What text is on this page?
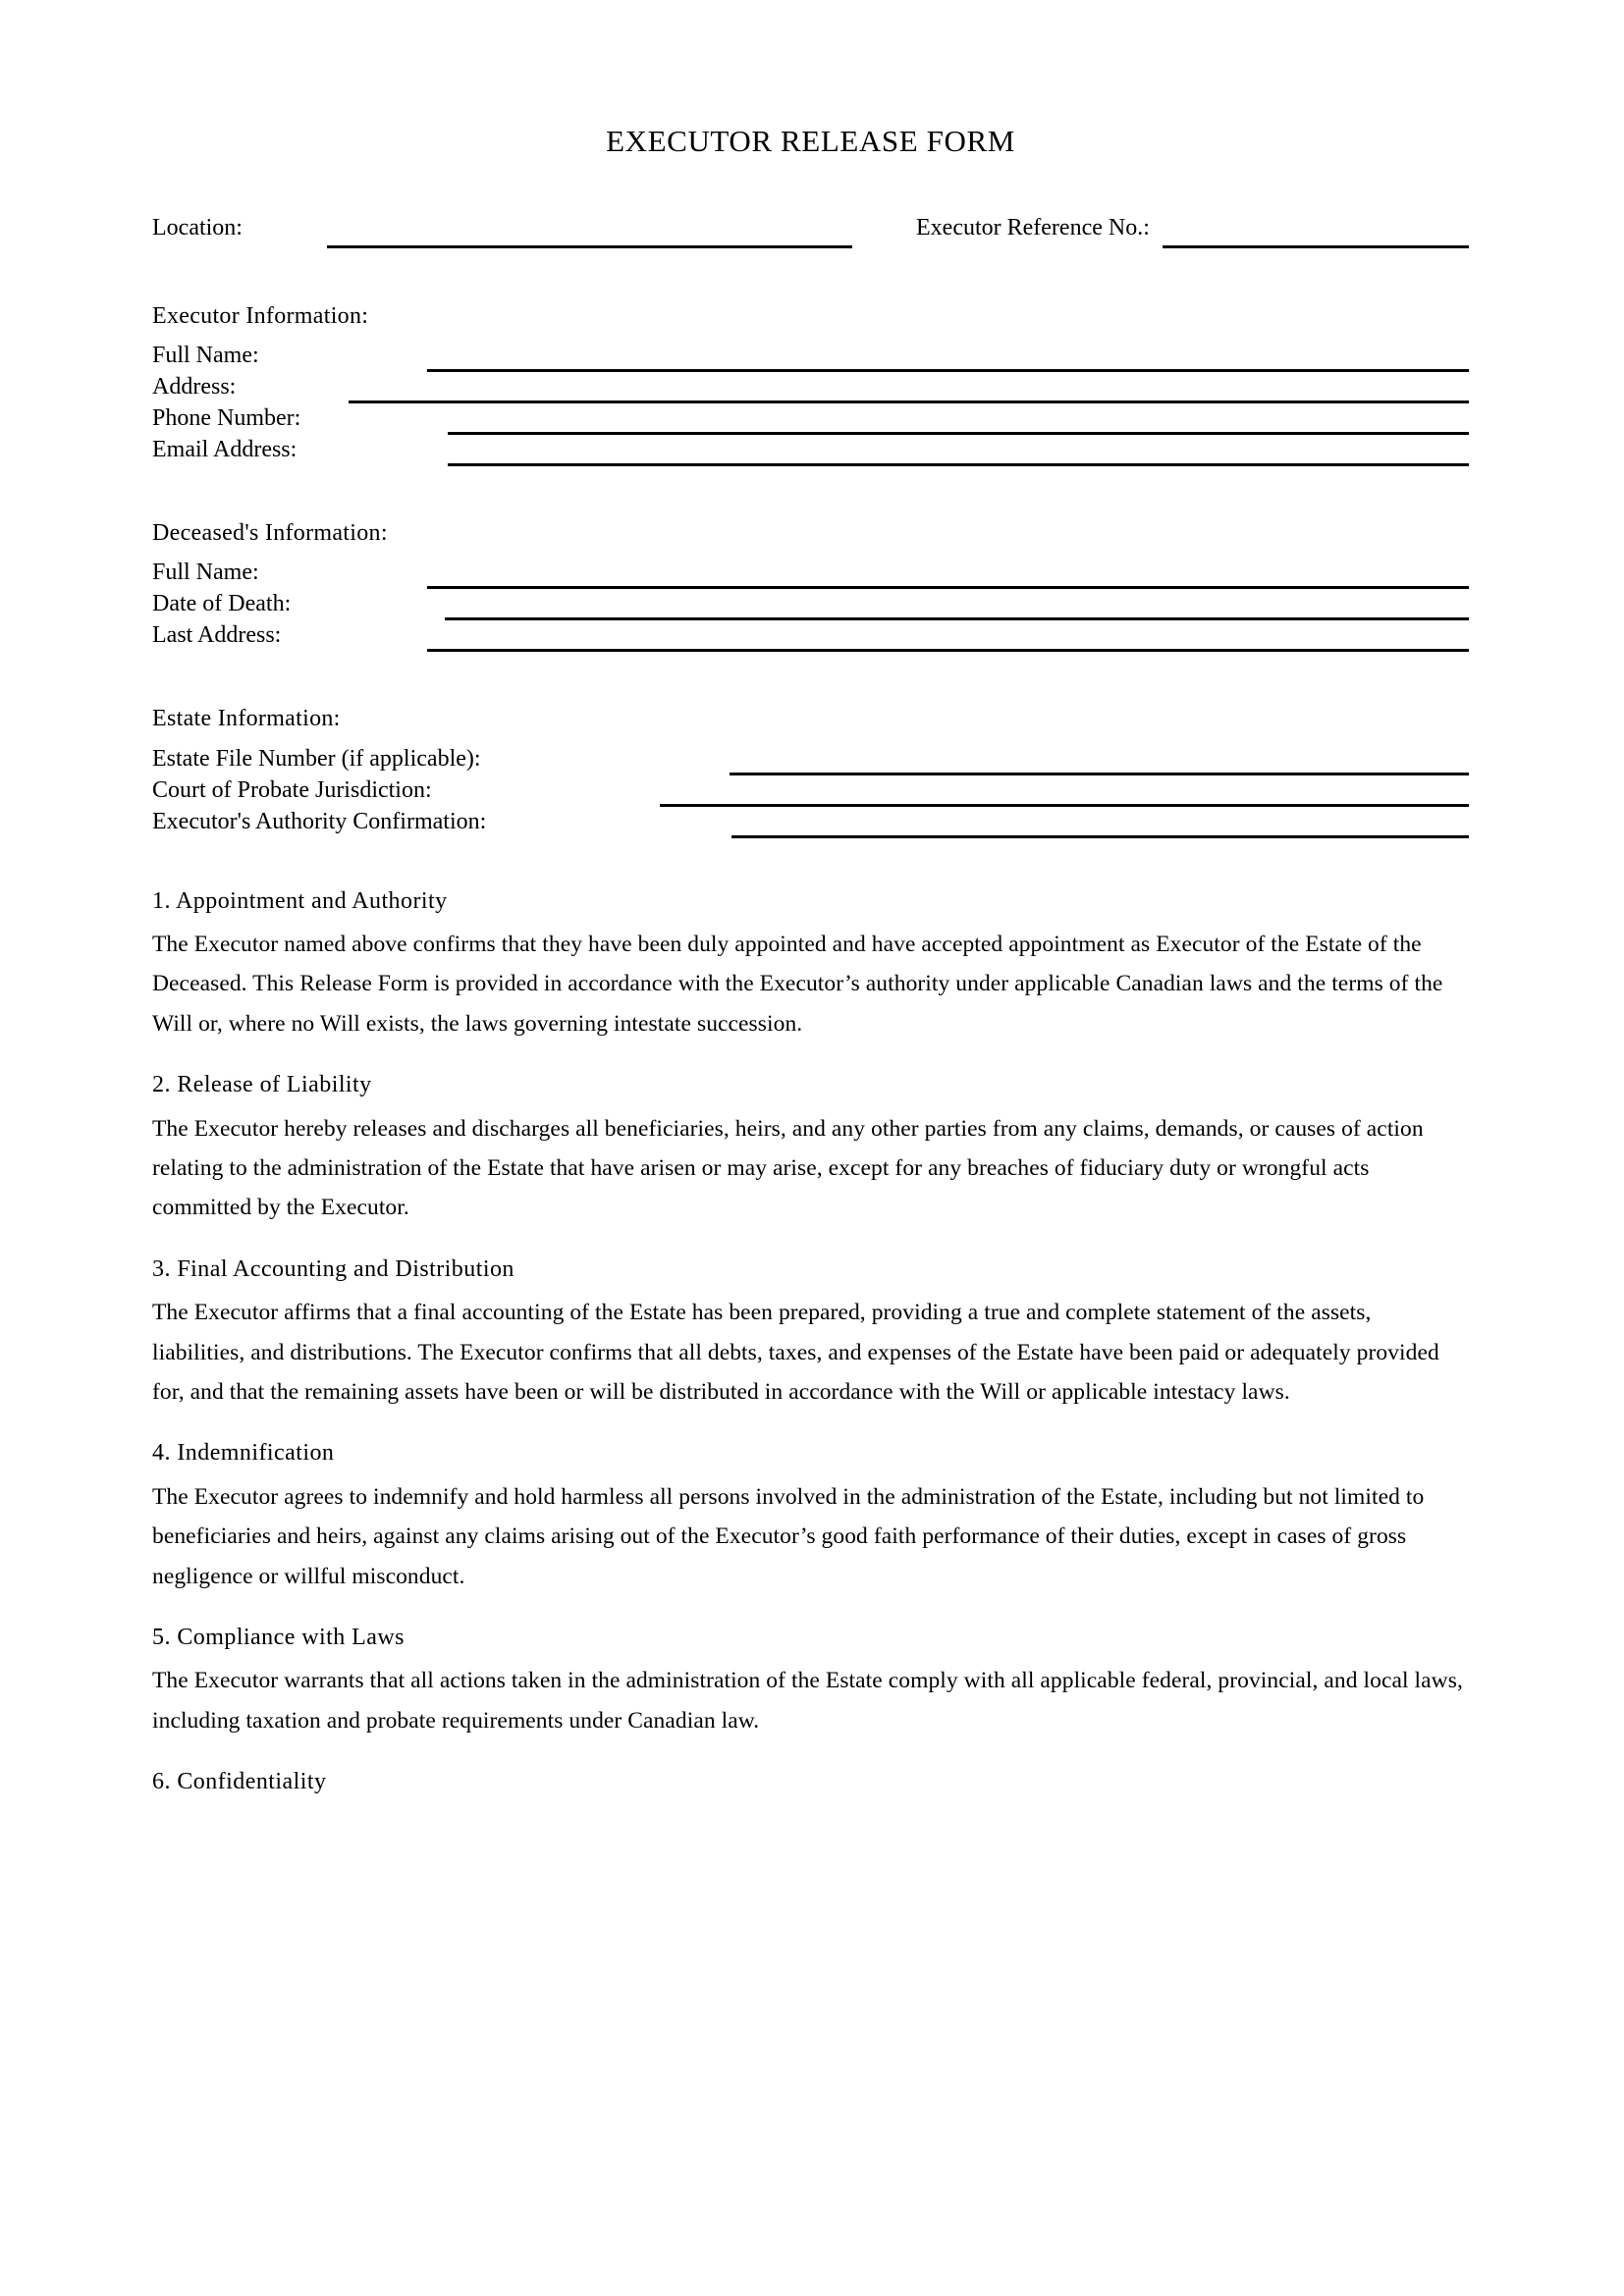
EXECUTOR RELEASE FORM
Location:	Executor Reference No.:
Executor Information:
Full Name:
Address:
Phone Number:
Email Address:
Deceased's Information:
Full Name:
Date of Death:
Last Address:
Estate Information:
Estate File Number (if applicable):
Court of Probate Jurisdiction:
Executor's Authority Confirmation:
1. Appointment and Authority

The Executor named above confirms that they have been duly appointed and have accepted appointment as Executor of the Estate of the Deceased. This Release Form is provided in accordance with the Executor’s authority under applicable Canadian laws and the terms of the Will or, where no Will exists, the laws governing intestate succession.

2. Release of Liability

The Executor hereby releases and discharges all beneficiaries, heirs, and any other parties from any claims, demands, or causes of action relating to the administration of the Estate that have arisen or may arise, except for any breaches of fiduciary duty or wrongful acts committed by the Executor.

3. Final Accounting and Distribution

The Executor affirms that a final accounting of the Estate has been prepared, providing a true and complete statement of the assets, liabilities, and distributions. The Executor confirms that all debts, taxes, and expenses of the Estate have been paid or adequately provided for, and that the remaining assets have been or will be distributed in accordance with the Will or applicable intestacy laws.

4. Indemnification

The Executor agrees to indemnify and hold harmless all persons involved in the administration of the Estate, including but not limited to beneficiaries and heirs, against any claims arising out of the Executor’s good faith performance of their duties, except in cases of gross negligence or willful misconduct.

5. Compliance with Laws

The Executor warrants that all actions taken in the administration of the Estate comply with all applicable federal, provincial, and local laws, including taxation and probate requirements under Canadian law.

6. Confidentiality
